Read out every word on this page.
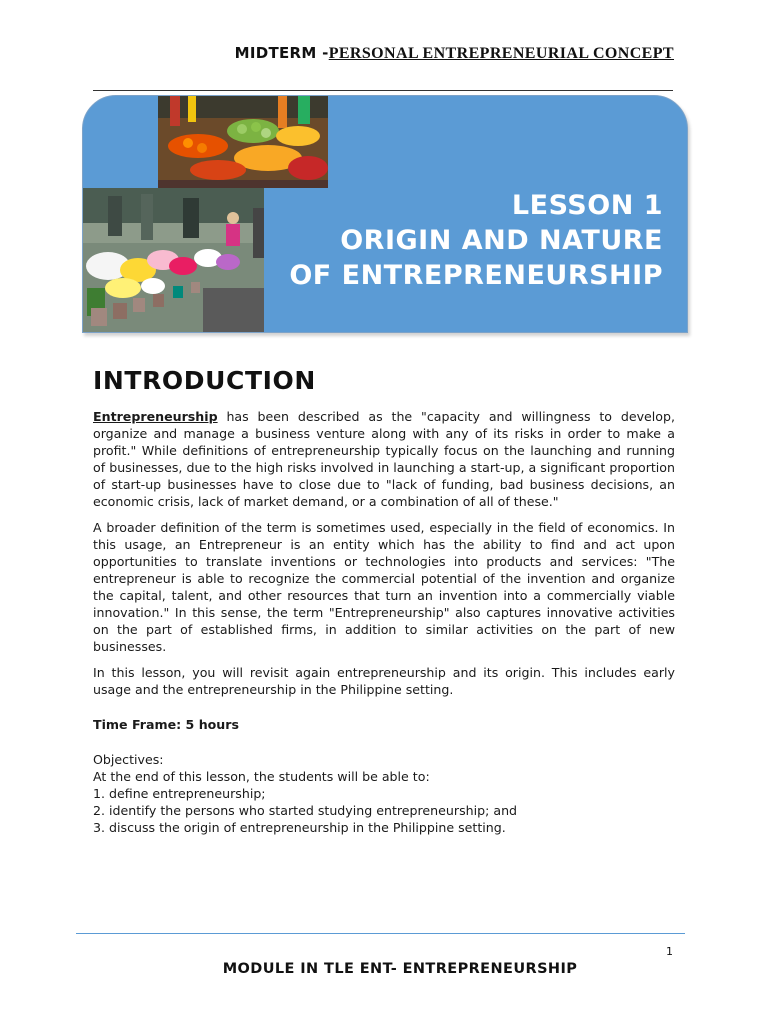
MIDTERM -PERSONAL ENTREPRENEURIAL CONCEPT
LESSON 1
ORIGIN AND NATURE
OF ENTREPRENEURSHIP
INTRODUCTION

Entrepreneurship has been described as the "capacity and willingness to develop, organize and manage a business venture along with any of its risks in order to make a profit." While definitions of entrepreneurship typically focus on the launching and running of businesses, due to the high risks involved in launching a start-up, a significant proportion of start-up businesses have to close due to "lack of funding, bad business decisions, an economic crisis, lack of market demand, or a combination of all of these."

A broader definition of the term is sometimes used, especially in the field of economics. In this usage, an Entrepreneur is an entity which has the ability to find and act upon opportunities to translate inventions or technologies into products and services: "The entrepreneur is able to recognize the commercial potential of the invention and organize the capital, talent, and other resources that turn an invention into a commercially viable innovation." In this sense, the term "Entrepreneurship" also captures innovative activities on the part of established firms, in addition to similar activities on the part of new businesses.

In this lesson, you will revisit again entrepreneurship and its origin. This includes early usage and the entrepreneurship in the Philippine setting.

Time Frame: 5 hours
Objectives:
At the end of this lesson, the students will be able to:
1. define entrepreneurship;
2. identify the persons who started studying entrepreneurship; and
3. discuss the origin of entrepreneurship in the Philippine setting.
1
MODULE IN TLE ENT- ENTREPRENEURSHIP
